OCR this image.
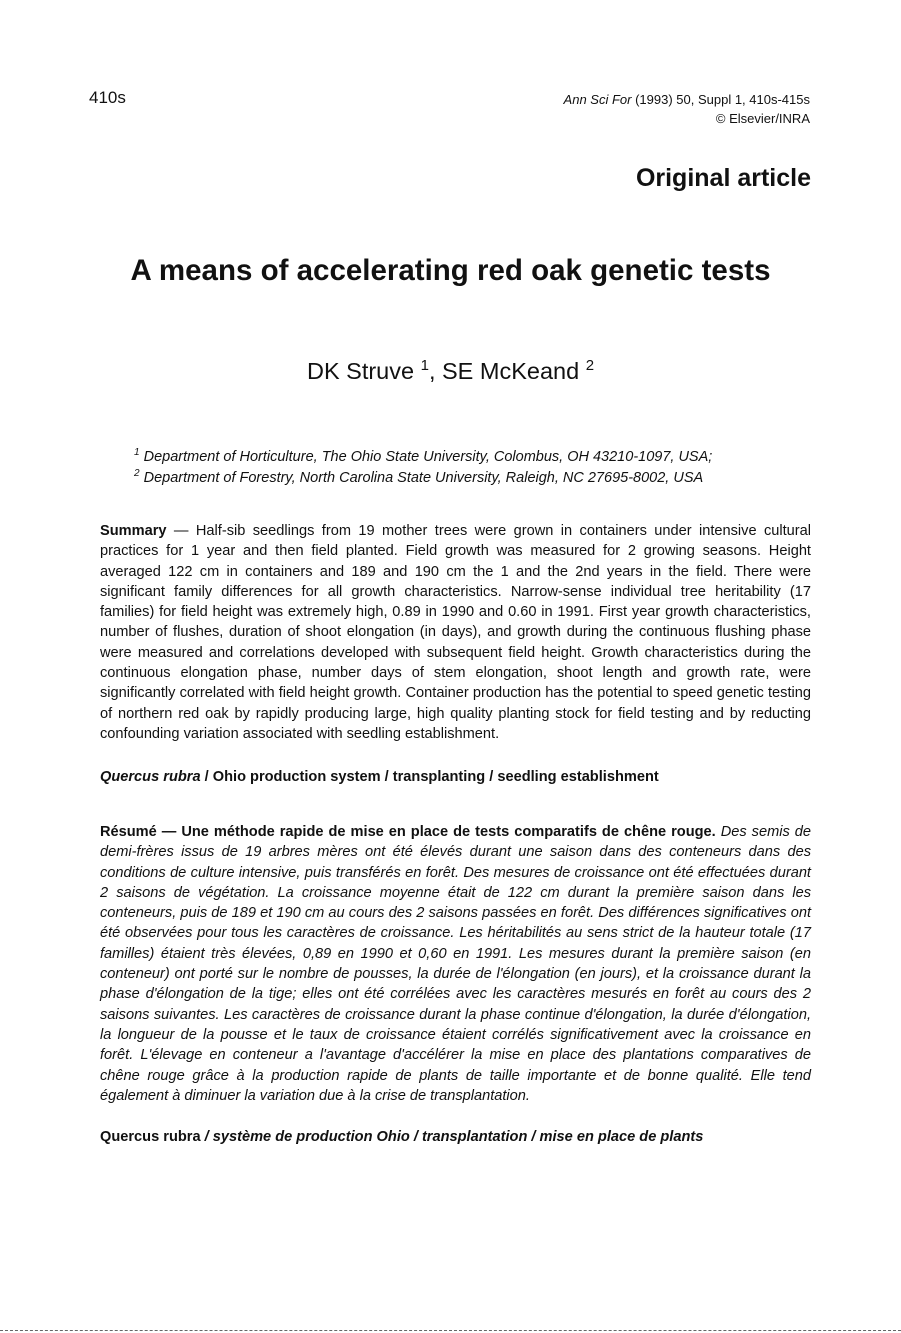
410s	Ann Sci For (1993) 50, Suppl 1, 410s-415s
© Elsevier/INRA
Original article
A means of accelerating red oak genetic tests
DK Struve $^1$, SE McKeand $^2$
$^1$ Department of Horticulture, The Ohio State University, Colombus, OH 43210-1097, USA;
$^2$ Department of Forestry, North Carolina State University, Raleigh, NC 27695-8002, USA
Summary — Half-sib seedlings from 19 mother trees were grown in containers under intensive cultural practices for 1 year and then field planted. Field growth was measured for 2 growing seasons. Height averaged 122 cm in containers and 189 and 190 cm the 1 and the 2nd years in the field. There were significant family differences for all growth characteristics. Narrow-sense individual tree heritability (17 families) for field height was extremely high, 0.89 in 1990 and 0.60 in 1991. First year growth characteristics, number of flushes, duration of shoot elongation (in days), and growth during the continuous flushing phase were measured and correlations developed with subsequent field height. Growth characteristics during the continuous elongation phase, number days of stem elongation, shoot length and growth rate, were significantly correlated with field height growth. Container production has the potential to speed genetic testing of northern red oak by rapidly producing large, high quality planting stock for field testing and by reducting confounding variation associated with seedling establishment.
Quercus rubra / Ohio production system / transplanting / seedling establishment
Résumé — Une méthode rapide de mise en place de tests comparatifs de chêne rouge. Des semis de demi-frères issus de 19 arbres mères ont été élevés durant une saison dans des conteneurs dans des conditions de culture intensive, puis transférés en forêt. Des mesures de croissance ont été effectuées durant 2 saisons de végétation. La croissance moyenne était de 122 cm durant la première saison dans les conteneurs, puis de 189 et 190 cm au cours des 2 saisons passées en forêt. Des différences significatives ont été observées pour tous les caractères de croissance. Les héritabilités au sens strict de la hauteur totale (17 familles) étaient très élevées, 0,89 en 1990 et 0,60 en 1991. Les mesures durant la première saison (en conteneur) ont porté sur le nombre de pousses, la durée de l'élongation (en jours), et la croissance durant la phase d'élongation de la tige; elles ont été corrélées avec les caractères mesurés en forêt au cours des 2 saisons suivantes. Les caractères de croissance durant la phase continue d'élongation, la durée d'élongation, la longueur de la pousse et le taux de croissance étaient corrélés significativement avec la croissance en forêt. L'élevage en conteneur a l'avantage d'accélérer la mise en place des plantations comparatives de chêne rouge grâce à la production rapide de plants de taille importante et de bonne qualité. Elle tend également à diminuer la variation due à la crise de transplantation.
Quercus rubra / système de production Ohio / transplantation / mise en place de plants
